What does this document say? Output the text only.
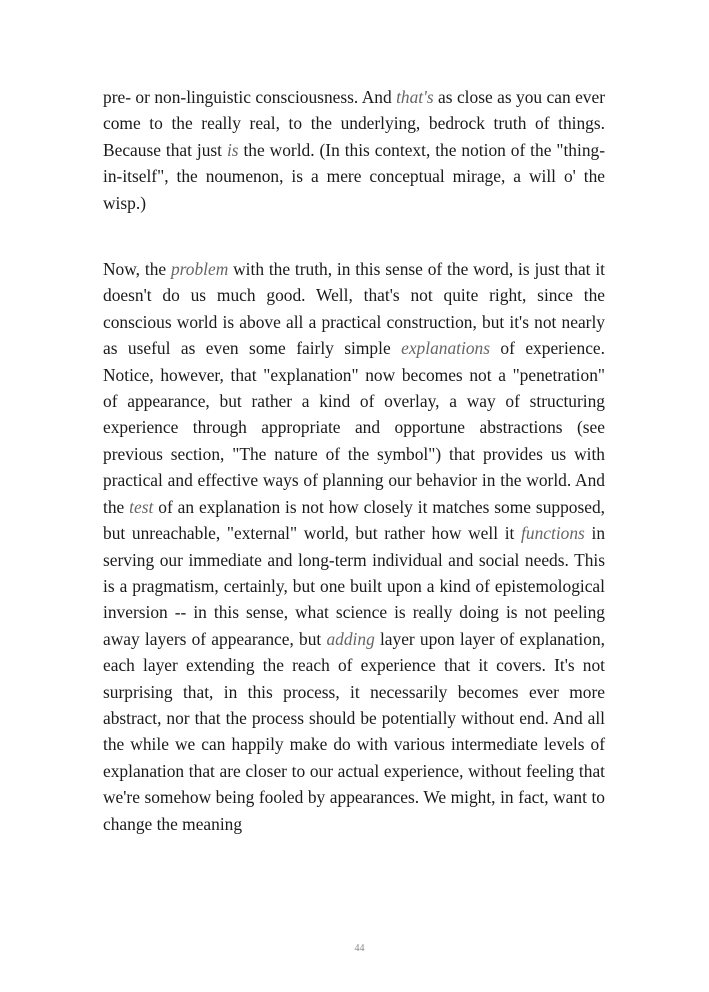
pre- or non-linguistic consciousness. And that's as close as you can ever come to the really real, to the underlying, bedrock truth of things. Because that just is the world. (In this context, the notion of the "thing-in-itself", the noumenon, is a mere conceptual mirage, a will o' the wisp.)

Now, the problem with the truth, in this sense of the word, is just that it doesn't do us much good. Well, that's not quite right, since the conscious world is above all a practical construction, but it's not nearly as useful as even some fairly simple explanations of experience. Notice, however, that "explanation" now becomes not a "penetration" of appearance, but rather a kind of overlay, a way of structuring experience through appropriate and opportune abstractions (see previous section, "The nature of the symbol") that provides us with practical and effective ways of planning our behavior in the world. And the test of an explanation is not how closely it matches some supposed, but unreachable, "external" world, but rather how well it functions in serving our immediate and long-term individual and social needs. This is a pragmatism, certainly, but one built upon a kind of epistemological inversion -- in this sense, what science is really doing is not peeling away layers of appearance, but adding layer upon layer of explanation, each layer extending the reach of experience that it covers. It's not surprising that, in this process, it necessarily becomes ever more abstract, nor that the process should be potentially without end. And all the while we can happily make do with various intermediate levels of explanation that are closer to our actual experience, without feeling that we're somehow being fooled by appearances. We might, in fact, want to change the meaning

44
